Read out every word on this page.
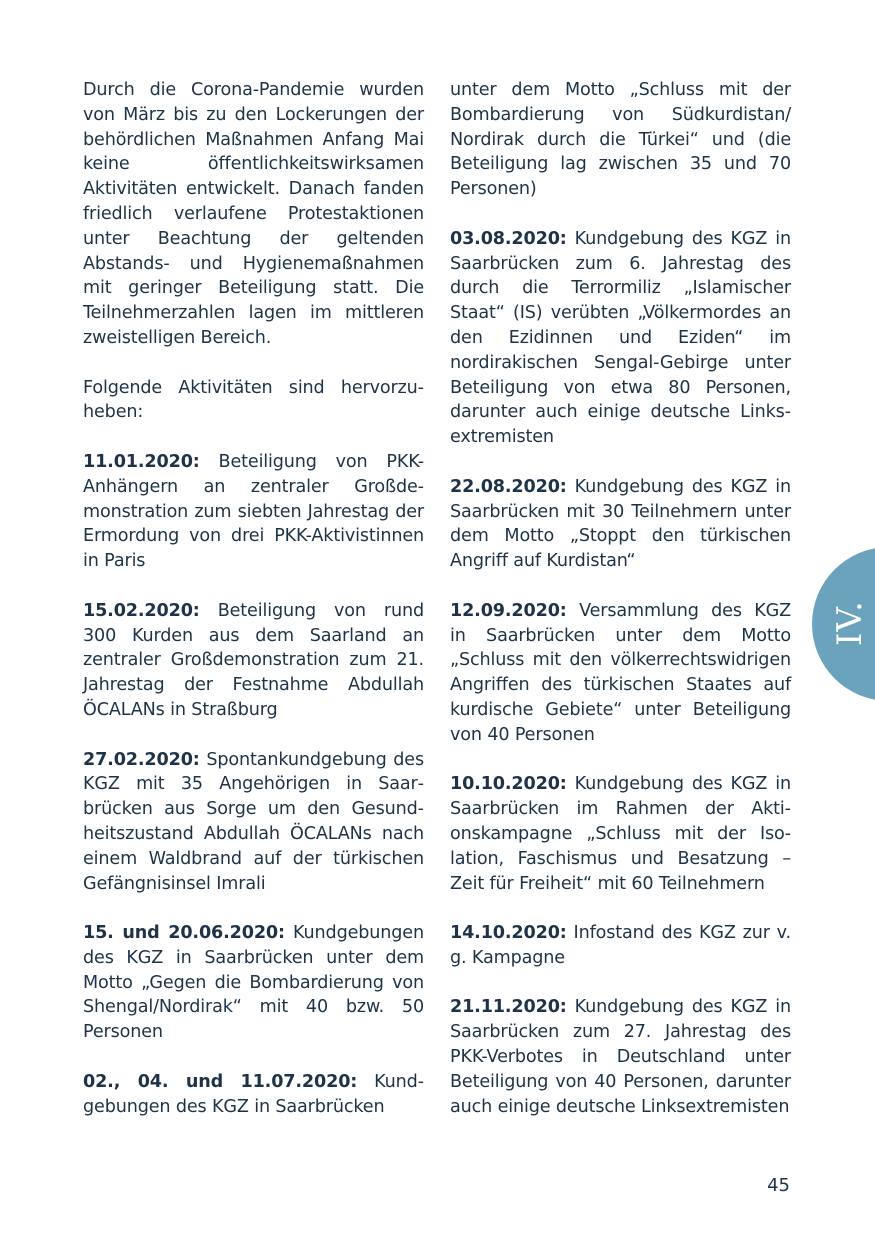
Durch die Corona-Pandemie wurden von März bis zu den Lockerungen der behördlichen Maßnahmen Anfang Mai keine öffentlichkeitswirksamen Aktivitäten entwickelt. Danach fanden friedlich verlaufene Protestaktionen unter Beachtung der geltenden Abstands- und Hygienemaßnahmen mit geringer Beteiligung statt. Die Teilnehmerzahlen lagen im mittleren zweistelligen Bereich.

Folgende Aktivitäten sind hervorzuheben:

11.01.2020: Beteiligung von PKK-Anhängern an zentraler Großdemonstration zum siebten Jahrestag der Ermordung von drei PKK-Aktivistinnen in Paris

15.02.2020: Beteiligung von rund 300 Kurden aus dem Saarland an zentraler Großdemonstration zum 21. Jahrestag der Festnahme Abdullah ÖCALANs in Straßburg

27.02.2020: Spontankundgebung des KGZ mit 35 Angehörigen in Saarbrücken aus Sorge um den Gesundheitszustand Abdullah ÖCALANs nach einem Waldbrand auf der türkischen Gefängnisinsel Imrali

15. und 20.06.2020: Kundgebungen des KGZ in Saarbrücken unter dem Motto „Gegen die Bombardierung von Shengal/Nordirak“ mit 40 bzw. 50 Personen

02., 04. und 11.07.2020: Kundgebungen des KGZ in Saarbrücken

unter dem Motto „Schluss mit der Bombardierung von Südkurdistan/ Nordirak durch die Türkei“ und (die Beteiligung lag zwischen 35 und 70 Personen)

03.08.2020: Kundgebung des KGZ in Saarbrücken zum 6. Jahrestag des durch die Terrormiliz „Islamischer Staat“ (IS) verübten „Völkermordes an den Ezidinnen und Eziden“ im nordirakischen Sengal-Gebirge unter Beteiligung von etwa 80 Personen, darunter auch einige deutsche Linksextremisten

22.08.2020: Kundgebung des KGZ in Saarbrücken mit 30 Teilnehmern unter dem Motto „Stoppt den türkischen Angriff auf Kurdistan“

12.09.2020: Versammlung des KGZ in Saarbrücken unter dem Motto „Schluss mit den völkerrechtswidrigen Angriffen des türkischen Staates auf kurdische Gebiete“ unter Beteiligung von 40 Personen

10.10.2020: Kundgebung des KGZ in Saarbrücken im Rahmen der Aktionskampagne „Schluss mit der Isolation, Faschismus und Besatzung – Zeit für Freiheit“ mit 60 Teilnehmern

14.10.2020: Infostand des KGZ zur v. g. Kampagne

21.11.2020: Kundgebung des KGZ in Saarbrücken zum 27. Jahrestag des PKK-Verbotes in Deutschland unter Beteiligung von 40 Personen, darunter auch einige deutsche Linksextremisten

IV.
45
